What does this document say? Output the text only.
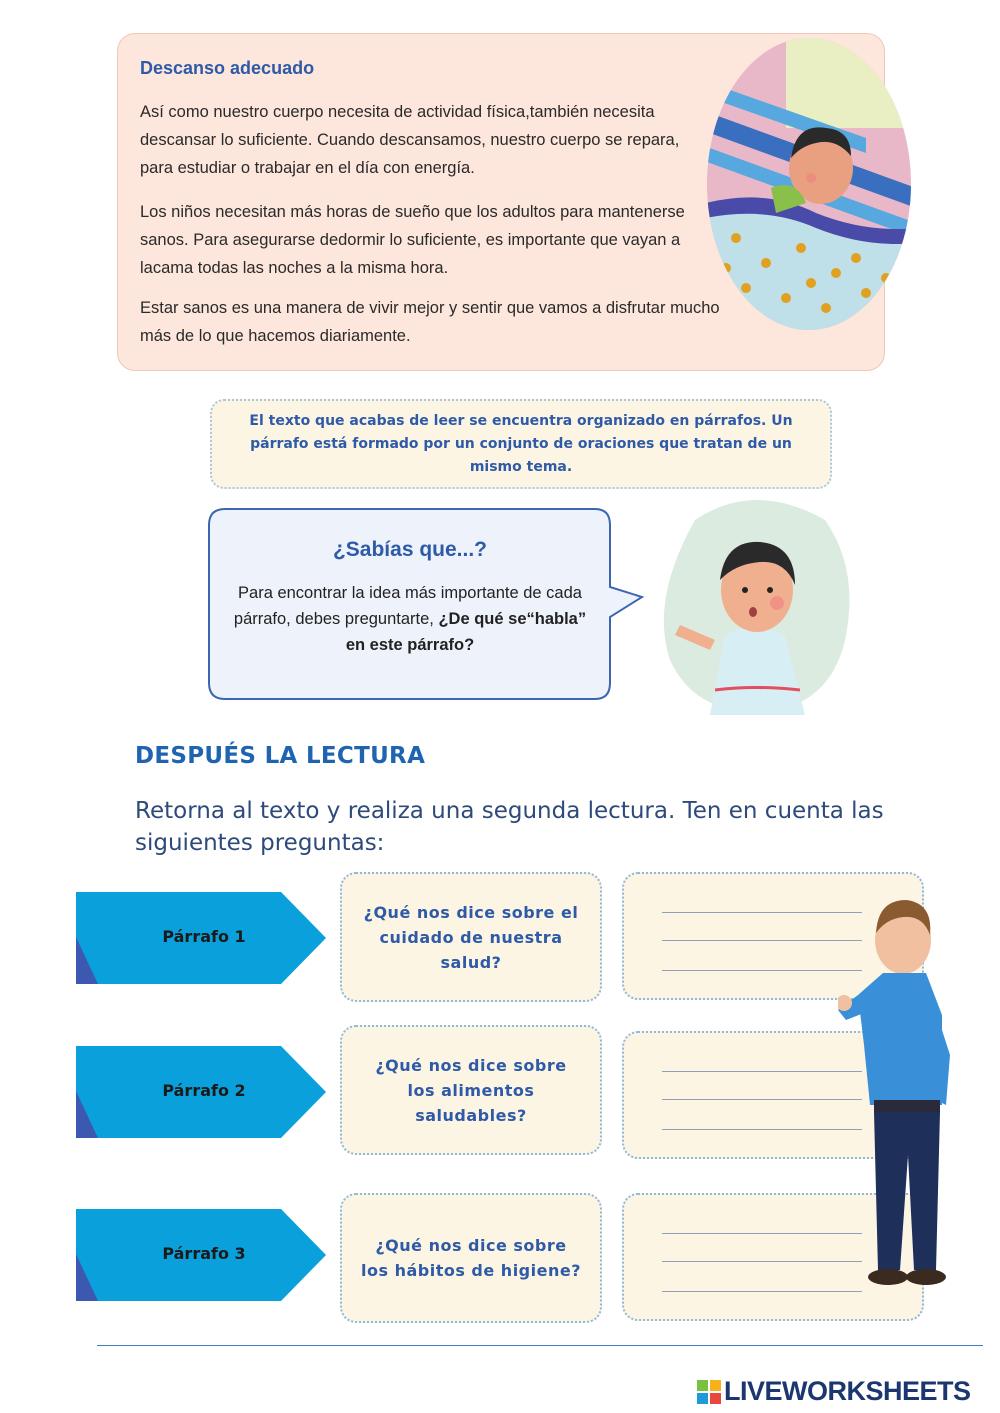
Descanso adecuado

Así como nuestro cuerpo necesita de actividad física,también necesita descansar lo suficiente. Cuando descansamos, nuestro cuerpo se repara, para estudiar o trabajar en el día con energía.

Los niños necesitan más horas de sueño que los adultos para mantenerse sanos. Para asegurarse dedormir lo suficiente, es importante que vayan a lacama todas las noches a la misma hora.

Estar sanos es una manera de vivir mejor y sentir que vamos a disfrutar mucho más de lo que hacemos diariamente.

El texto que acabas de leer se encuentra organizado en párrafos. Un párrafo está formado por un conjunto de oraciones que tratan de un mismo tema.
¿Sabías que...?
Para encontrar la idea más importante de cada párrafo, debes preguntarte, ¿De qué se“habla” en este párrafo?
DESPUÉS LA LECTURA
Retorna al texto y realiza una segunda lectura. Ten en cuenta las siguientes preguntas:
Párrafo 1
¿Qué nos dice sobre el cuidado de nuestra salud?
Párrafo 2
¿Qué nos dice sobre los alimentos saludables?
Párrafo 3	¿Qué nos dice sobre los hábitos de higiene?
LIVEWORKSHEETS
